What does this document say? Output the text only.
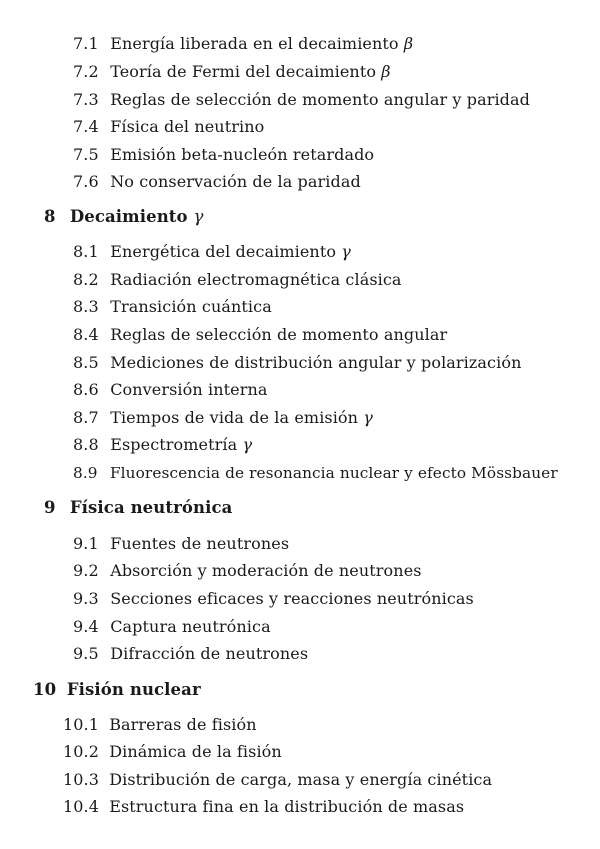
7.1 Energía liberada en el decaimiento β
7.2 Teoría de Fermi del decaimiento β
7.3 Reglas de selección de momento angular y paridad
7.4 Física del neutrino
7.5 Emisión beta-nucleón retardado
7.6 No conservación de la paridad
8 Decaimiento γ
8.1 Energética del decaimiento γ
8.2 Radiación electromagnética clásica
8.3 Transición cuántica
8.4 Reglas de selección de momento angular
8.5 Mediciones de distribución angular y polarización
8.6 Conversión interna
8.7 Tiempos de vida de la emisión γ
8.8 Espectrometría γ
8.9 Fluorescencia de resonancia nuclear y efecto Mössbauer
9 Física neutrónica
9.1 Fuentes de neutrones
9.2 Absorción y moderación de neutrones
9.3 Secciones eficaces y reacciones neutrónicas
9.4 Captura neutrónica
9.5 Difracción de neutrones
10 Fisión nuclear
10.1 Barreras de fisión
10.2 Dinámica de la fisión
10.3 Distribución de carga, masa y energía cinética
10.4 Estructura fina en la distribución de masas
